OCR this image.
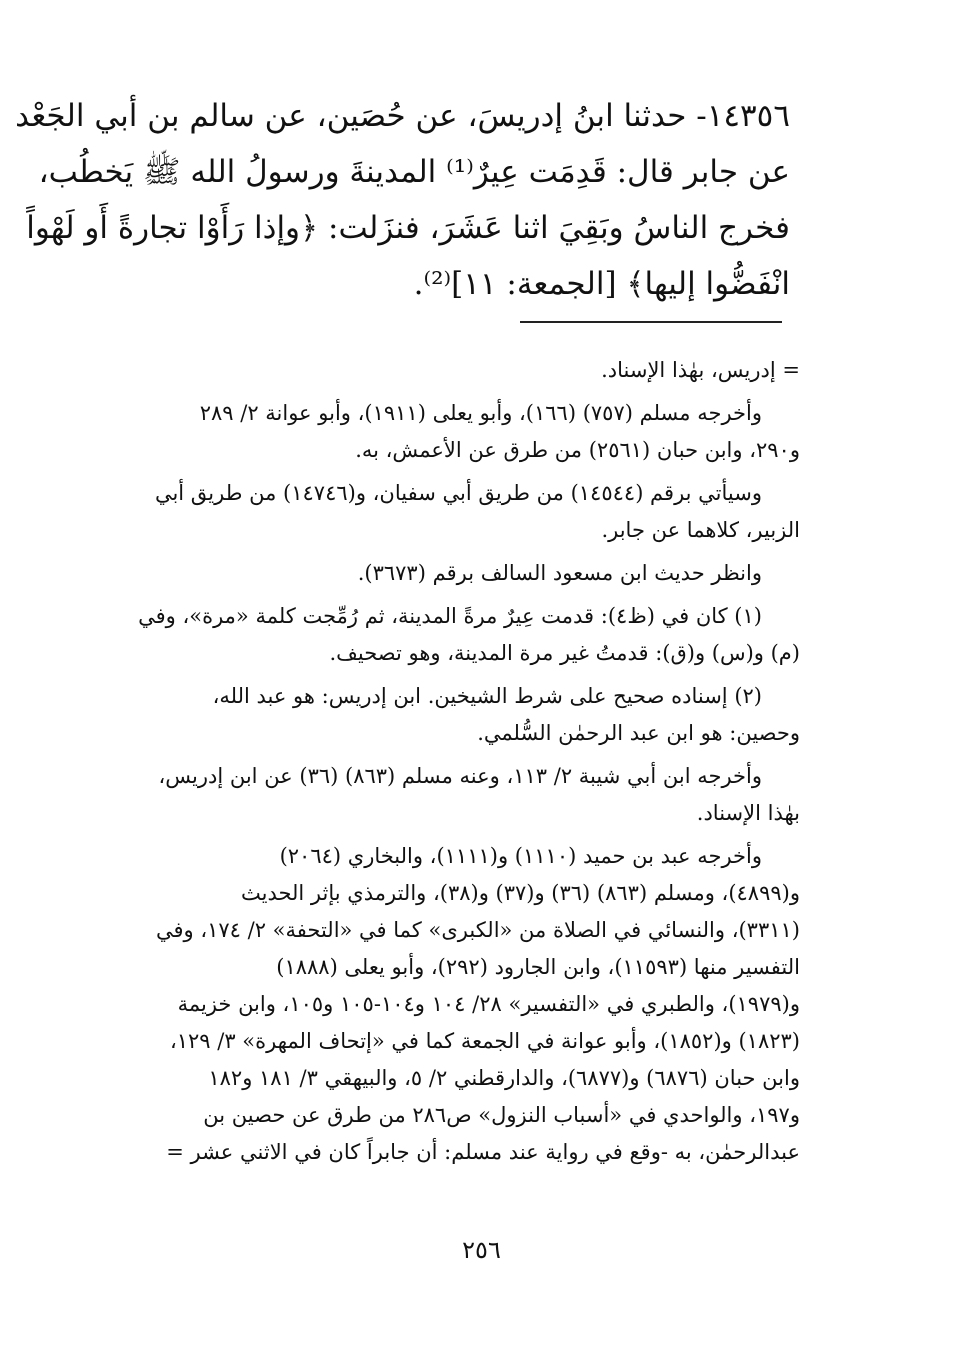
١٤٣٥٦- حدثنا ابنُ إدريسَ، عن حُصَين، عن سالم بن أبي الجَعْد
عن جابر قال: قَدِمَت عِيرٌ⁽¹⁾ المدينةَ ورسولُ الله ﷺ يَخطُب،
فخرج الناسُ وبَقِيَ اثنا عَشَرَ، فنزَلت: ﴿وإذا رَأَوْا تجارةً أَو لَهْواً
انْفَضُّوا إليها﴾ [الجمعة: ١١]⁽²⁾.

= إدريس، بهٰذا الإسناد.

وأخرجه مسلم (٧٥٧) (١٦٦)، وأبو يعلى (١٩١١)، وأبو عوانة ٢/ ٢٨٩
و٢٩٠، وابن حبان (٢٥٦١) من طرق عن الأعمش، به.

وسيأتي برقم (١٤٥٤٤) من طريق أبي سفيان، و(١٤٧٤٦) من طريق أبي
الزبير، كلاهما عن جابر.

وانظر حديث ابن مسعود السالف برقم (٣٦٧٣).

(١) كان في (ظ٤): قدمت عِيرٌ مرةً المدينة، ثم رُمِّجت كلمة «مرة»، وفي
(م) و(س) و(ق): قدمتُ غير مرة المدينة، وهو تصحيف.

(٢) إسناده صحيح على شرط الشيخين. ابن إدريس: هو عبد الله،
وحصين: هو ابن عبد الرحمٰن السُّلمي.

وأخرجه ابن أبي شيبة ٢/ ١١٣، وعنه مسلم (٨٦٣) (٣٦) عن ابن إدريس،
بهٰذا الإسناد.

وأخرجه عبد بن حميد (١١١٠) و(١١١١)، والبخاري (٢٠٦٤)
و(٤٨٩٩)، ومسلم (٨٦٣) (٣٦) و(٣٧) و(٣٨)، والترمذي بإثر الحديث
(٣٣١١)، والنسائي في الصلاة من «الكبرى» كما في «التحفة» ٢/ ١٧٤، وفي
التفسير منها (١١٥٩٣)، وابن الجارود (٢٩٢)، وأبو يعلى (١٨٨٨)
و(١٩٧٩)، والطبري في «التفسير» ٢٨/ ١٠٤ و١٠٤-١٠٥ و١٠٥، وابن خزيمة
(١٨٢٣) و(١٨٥٢)، وأبو عوانة في الجمعة كما في «إتحاف المهرة» ٣/ ١٢٩،
وابن حبان (٦٨٧٦) و(٦٨٧٧)، والدارقطني ٢/ ٥، والبيهقي ٣/ ١٨١ و١٨٢
و١٩٧، والواحدي في «أسباب النزول» ص٢٨٦ من طرق عن حصين بن
عبدالرحمٰن، به -وقع في رواية عند مسلم: أن جابراً كان في الاثني عشر =

٢٥٦
